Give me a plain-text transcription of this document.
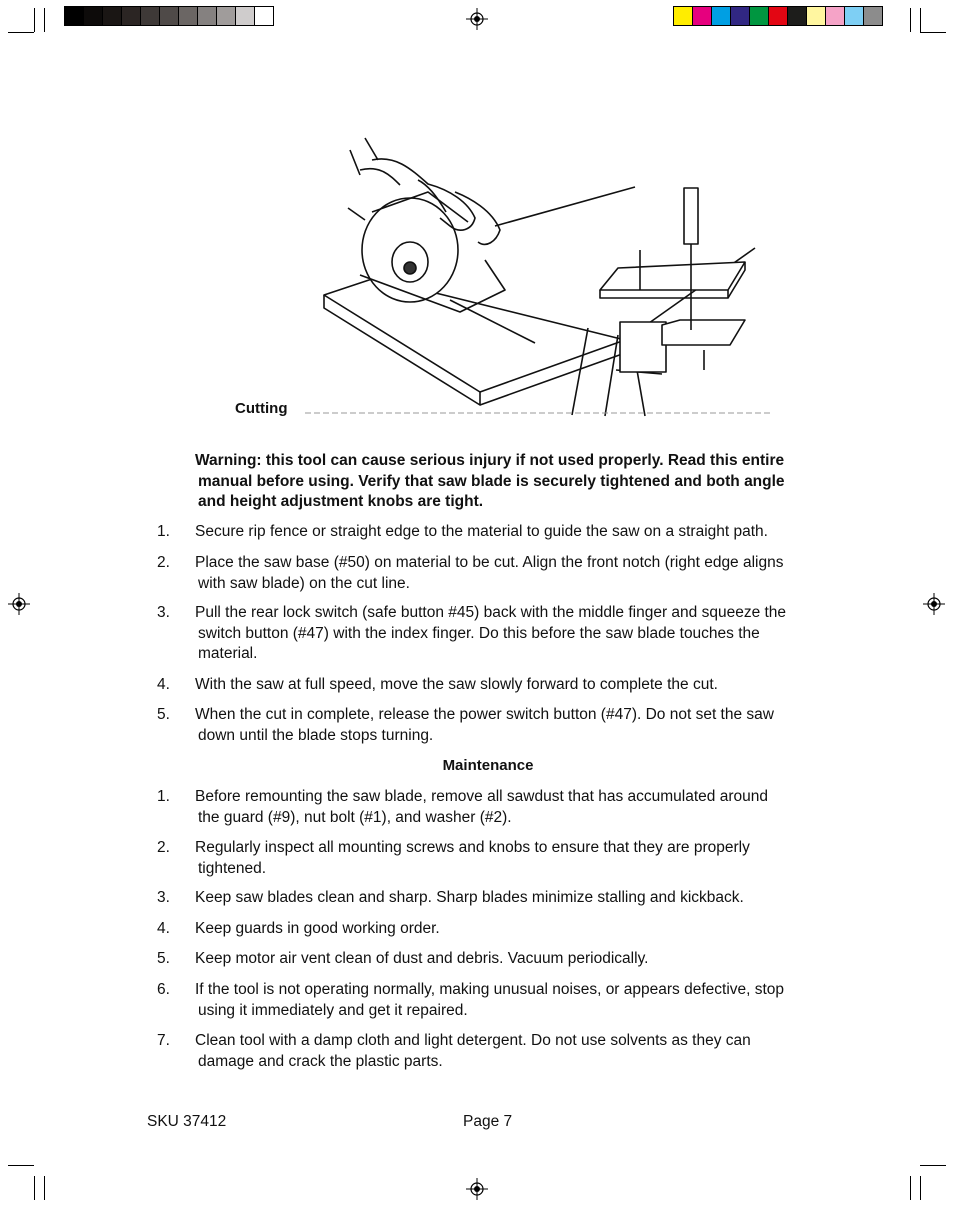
Cutting
Warning: this tool can cause serious injury if not used properly. Read this entire
manual before using. Verify that saw blade is securely tightened and both angle
and height adjustment knobs are tight.
1. Secure rip fence or straight edge to the material to guide the saw on a straight path.
2. Place the saw base (#50) on material to be cut. Align the front notch (right edge aligns
with saw blade) on the cut line.
3. Pull the rear lock switch (safe button #45) back with the middle finger and squeeze the
switch button (#47) with the index finger. Do this before the saw blade touches the
material.
4. With the saw at full speed, move the saw slowly forward to complete the cut.
5. When the cut in complete, release the power switch button (#47). Do not set the saw
down until the blade stops turning.
Maintenance
1. Before remounting the saw blade, remove all sawdust that has accumulated around
the guard (#9), nut bolt (#1), and washer (#2).
2. Regularly inspect all mounting screws and knobs to ensure that they are properly
tightened.
3. Keep saw blades clean and sharp. Sharp blades minimize stalling and kickback.
4. Keep guards in good working order.
5. Keep motor air vent clean of dust and debris. Vacuum periodically.
6. If the tool is not operating normally, making unusual noises, or appears defective, stop
using it immediately and get it repaired.
7. Clean tool with a damp cloth and light detergent. Do not use solvents as they can
damage and crack the plastic parts.
SKU 37412	Page 7
